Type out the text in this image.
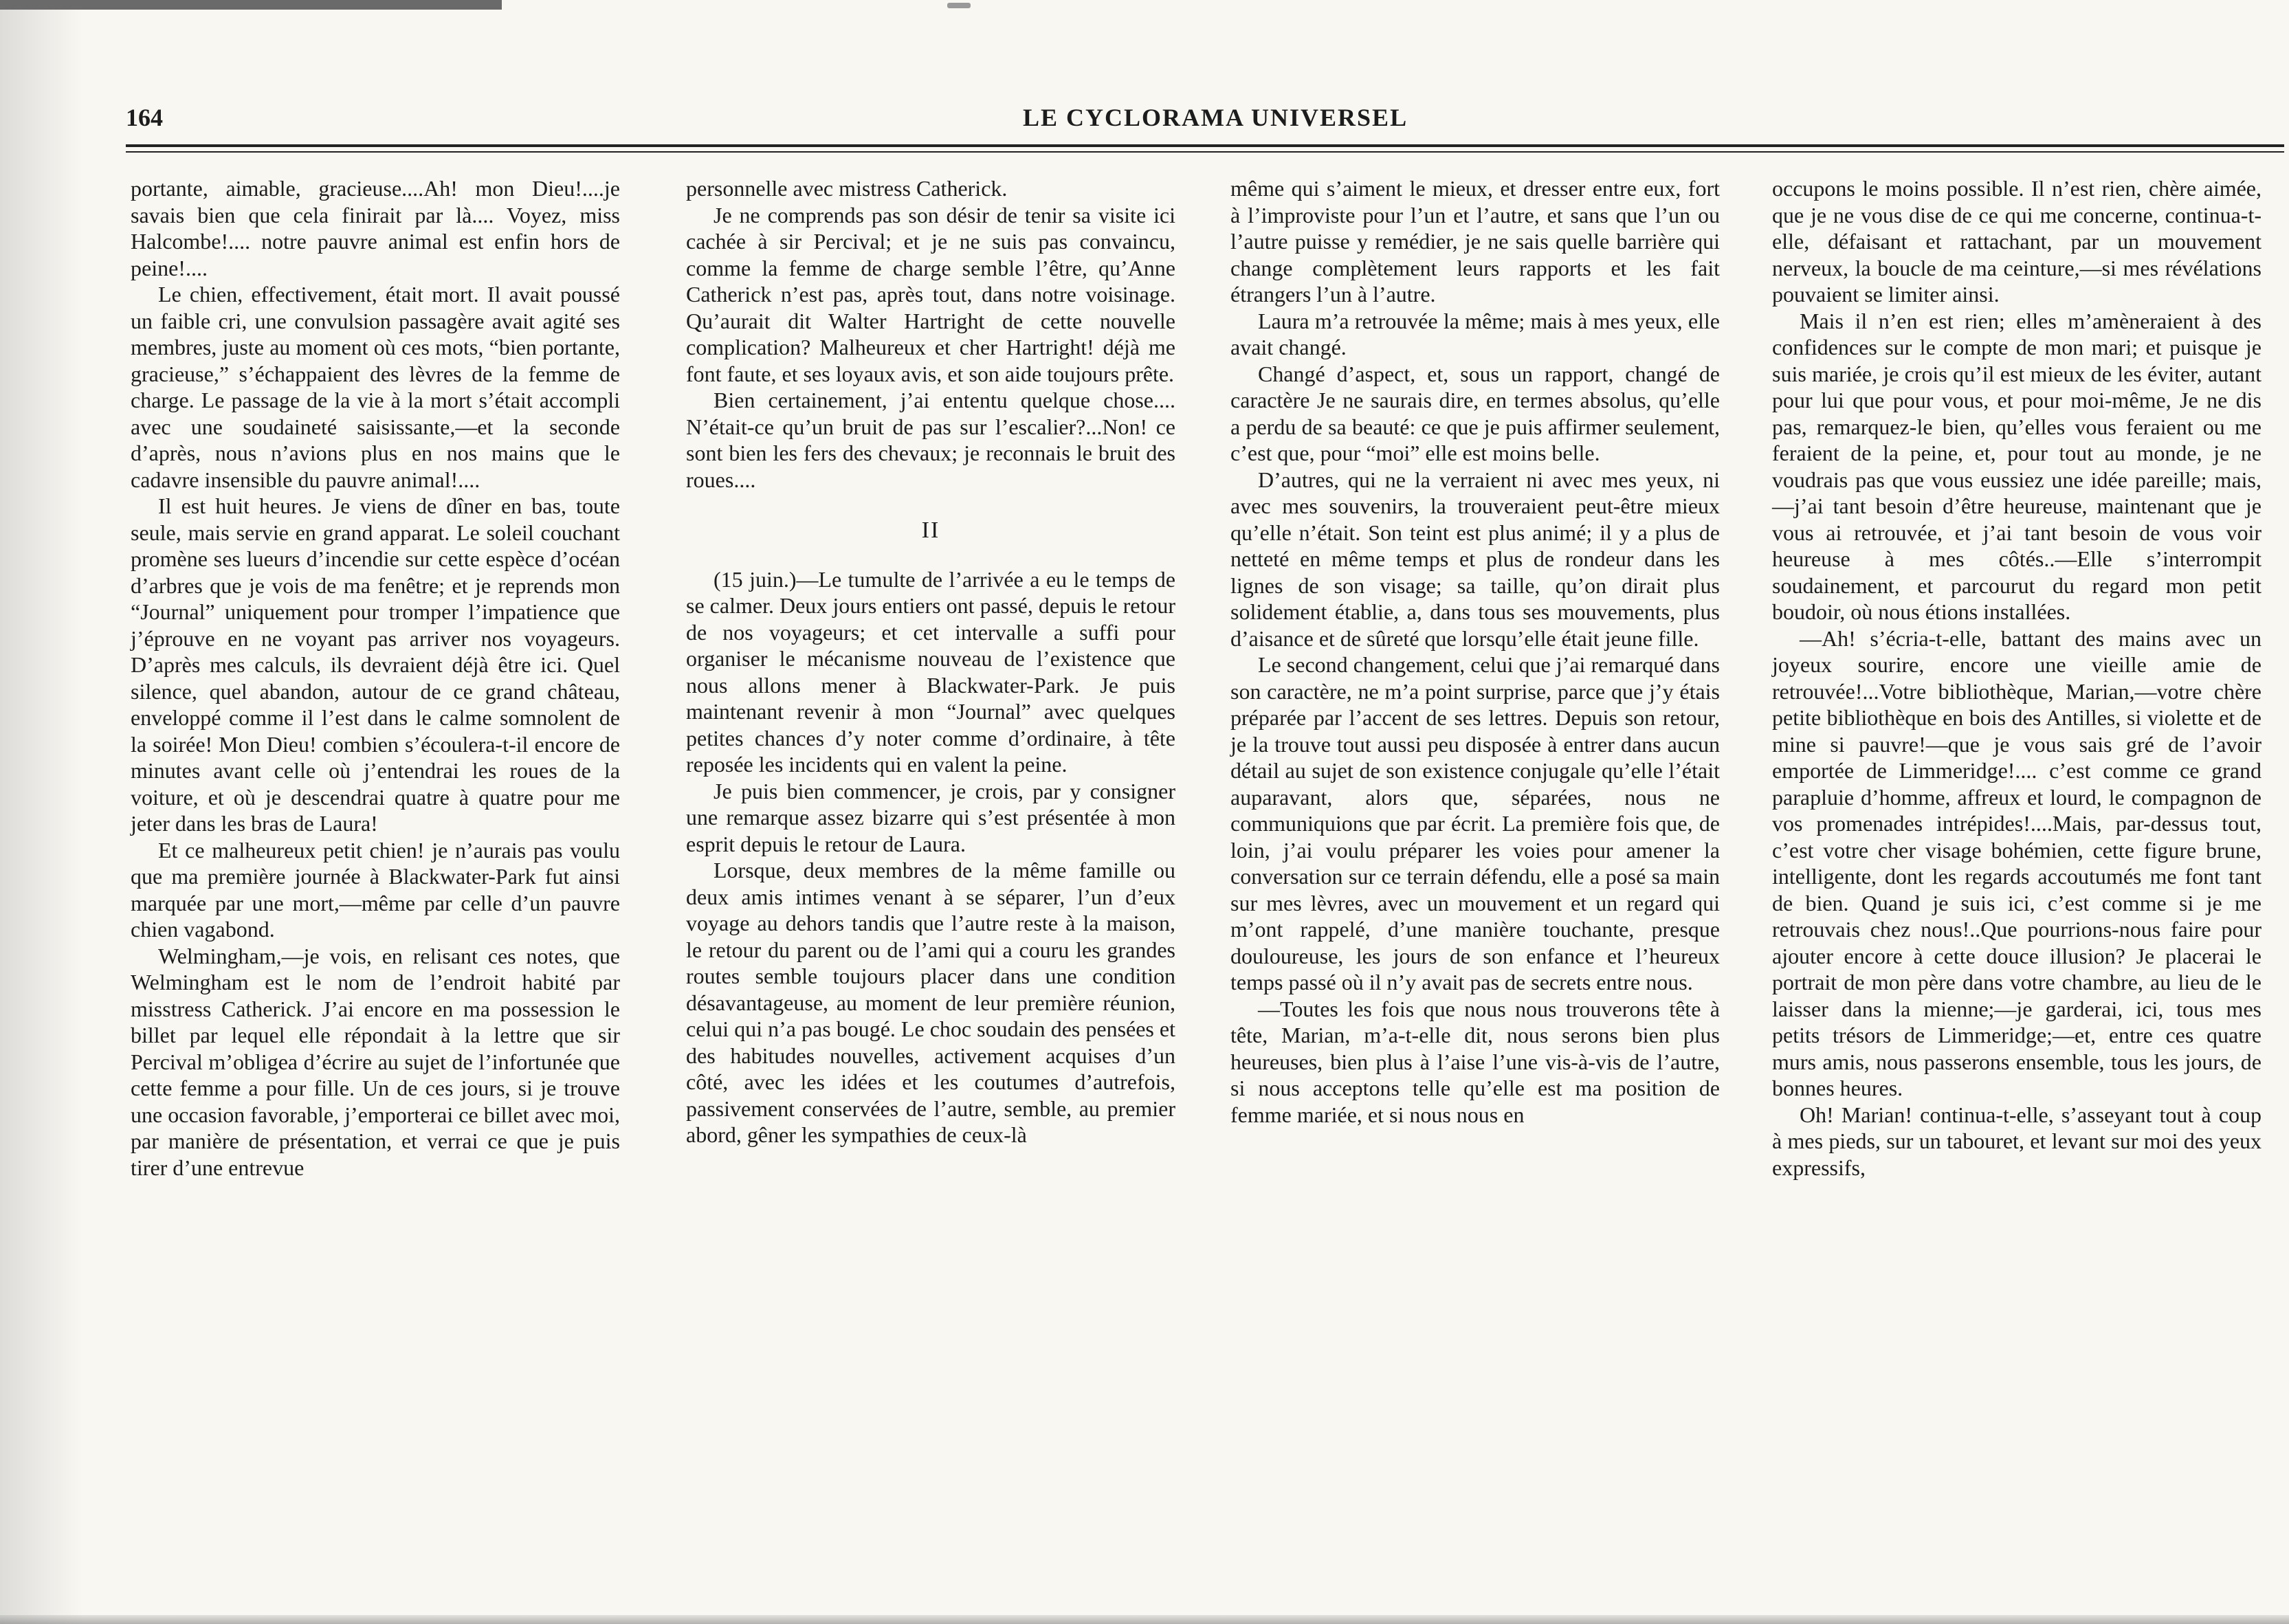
164	LE CYCLORAMA UNIVERSEL

portante, aimable, gracieuse....Ah! mon Dieu!....je savais bien que cela finirait par là.... Voyez, miss Halcombe!.... notre pauvre animal est enfin hors de peine!....

Le chien, effectivement, était mort. Il avait poussé un faible cri, une convulsion passagère avait agité ses membres, juste au moment où ces mots, “bien portante, gracieuse,” s’échappaient des lèvres de la femme de charge. Le passage de la vie à la mort s’était accompli avec une soudaineté saisissante,—et la seconde d’après, nous n’avions plus en nos mains que le cadavre insensible du pauvre animal!....

Il est huit heures. Je viens de dîner en bas, toute seule, mais servie en grand apparat. Le soleil couchant promène ses lueurs d’incendie sur cette espèce d’océan d’arbres que je vois de ma fenêtre; et je reprends mon “Journal” uniquement pour tromper l’impatience que j’éprouve en ne voyant pas arriver nos voyageurs. D’après mes calculs, ils devraient déjà être ici. Quel silence, quel abandon, autour de ce grand château, enveloppé comme il l’est dans le calme somnolent de la soirée! Mon Dieu! combien s’écoulera-t-il encore de minutes avant celle où j’entendrai les roues de la voiture, et où je descendrai quatre à quatre pour me jeter dans les bras de Laura!

Et ce malheureux petit chien! je n’aurais pas voulu que ma première journée à Blackwater-Park fut ainsi marquée par une mort,—même par celle d’un pauvre chien vagabond.

Welmingham,—je vois, en relisant ces notes, que Welmingham est le nom de l’endroit habité par misstress Catherick. J’ai encore en ma possession le billet par lequel elle répondait à la lettre que sir Percival m’obligea d’écrire au sujet de l’infortunée que cette femme a pour fille. Un de ces jours, si je trouve une occasion favorable, j’emporterai ce billet avec moi, par manière de présentation, et verrai ce que je puis tirer d’une entrevue

personnelle avec mistress Catherick.

Je ne comprends pas son désir de tenir sa visite ici cachée à sir Percival; et je ne suis pas convaincu, comme la femme de charge semble l’être, qu’Anne Catherick n’est pas, après tout, dans notre voisinage. Qu’aurait dit Walter Hartright de cette nouvelle complication? Malheureux et cher Hartright! déjà me font faute, et ses loyaux avis, et son aide toujours prête.

Bien certainement, j’ai ententu quelque chose.... N’était-ce qu’un bruit de pas sur l’escalier?...Non! ce sont bien les fers des chevaux; je reconnais le bruit des roues....

II

(15 juin.)—Le tumulte de l’arrivée a eu le temps de se calmer. Deux jours entiers ont passé, depuis le retour de nos voyageurs; et cet intervalle a suffi pour organiser le mécanisme nouveau de l’existence que nous allons mener à Blackwater-Park. Je puis maintenant revenir à mon “Journal” avec quelques petites chances d’y noter comme d’ordinaire, à tête reposée les incidents qui en valent la peine.

Je puis bien commencer, je crois, par y consigner une remarque assez bizarre qui s’est présentée à mon esprit depuis le retour de Laura.

Lorsque, deux membres de la même famille ou deux amis intimes venant à se séparer, l’un d’eux voyage au dehors tandis que l’autre reste à la maison, le retour du parent ou de l’ami qui a couru les grandes routes semble toujours placer dans une condition désavantageuse, au moment de leur première réunion, celui qui n’a pas bougé. Le choc soudain des pensées et des habitudes nouvelles, activement acquises d’un côté, avec les idées et les coutumes d’autrefois, passivement conservées de l’autre, semble, au premier abord, gêner les sympathies de ceux-là

même qui s’aiment le mieux, et dresser entre eux, fort à l’improviste pour l’un et l’autre, et sans que l’un ou l’autre puisse y remédier, je ne sais quelle barrière qui change complètement leurs rapports et les fait étrangers l’un à l’autre.

Laura m’a retrouvée la même; mais à mes yeux, elle avait changé.

Changé d’aspect, et, sous un rapport, changé de caractère Je ne saurais dire, en termes absolus, qu’elle a perdu de sa beauté: ce que je puis affirmer seulement, c’est que, pour “moi” elle est moins belle.

D’autres, qui ne la verraient ni avec mes yeux, ni avec mes souvenirs, la trouveraient peut-être mieux qu’elle n’était. Son teint est plus animé; il y a plus de netteté en même temps et plus de rondeur dans les lignes de son visage; sa taille, qu’on dirait plus solidement établie, a, dans tous ses mouvements, plus d’aisance et de sûreté que lorsqu’elle était jeune fille.

Le second changement, celui que j’ai remarqué dans son caractère, ne m’a point surprise, parce que j’y étais préparée par l’accent de ses lettres. Depuis son retour, je la trouve tout aussi peu disposée à entrer dans aucun détail au sujet de son existence conjugale qu’elle l’était auparavant, alors que, séparées, nous ne communiquions que par écrit. La première fois que, de loin, j’ai voulu préparer les voies pour amener la conversation sur ce terrain défendu, elle a posé sa main sur mes lèvres, avec un mouvement et un regard qui m’ont rappelé, d’une manière touchante, presque douloureuse, les jours de son enfance et l’heureux temps passé où il n’y avait pas de secrets entre nous.

—Toutes les fois que nous nous trouverons tête à tête, Marian, m’a-t-elle dit, nous serons bien plus heureuses, bien plus à l’aise l’une vis-à-vis de l’autre, si nous acceptons telle qu’elle est ma position de femme mariée, et si nous nous en

occupons le moins possible. Il n’est rien, chère aimée, que je ne vous dise de ce qui me concerne, continua-t-elle, défaisant et rattachant, par un mouvement nerveux, la boucle de ma ceinture,—si mes révélations pouvaient se limiter ainsi.

Mais il n’en est rien; elles m’amèneraient à des confidences sur le compte de mon mari; et puisque je suis mariée, je crois qu’il est mieux de les éviter, autant pour lui que pour vous, et pour moi-même, Je ne dis pas, remarquez-le bien, qu’elles vous feraient ou me feraient de la peine, et, pour tout au monde, je ne voudrais pas que vous eussiez une idée pareille; mais,—j’ai tant besoin d’être heureuse, maintenant que je vous ai retrouvée, et j’ai tant besoin de vous voir heureuse à mes côtés..—Elle s’interrompit soudainement, et parcourut du regard mon petit boudoir, où nous étions installées.

—Ah! s’écria-t-elle, battant des mains avec un joyeux sourire, encore une vieille amie de retrouvée!...Votre bibliothèque, Marian,—votre chère petite bibliothèque en bois des Antilles, si violette et de mine si pauvre!—que je vous sais gré de l’avoir emportée de Limmeridge!.... c’est comme ce grand parapluie d’homme, affreux et lourd, le compagnon de vos promenades intrépides!....Mais, par-dessus tout, c’est votre cher visage bohémien, cette figure brune, intelligente, dont les regards accoutumés me font tant de bien. Quand je suis ici, c’est comme si je me retrouvais chez nous!..Que pourrions-nous faire pour ajouter encore à cette douce illusion? Je placerai le portrait de mon père dans votre chambre, au lieu de le laisser dans la mienne;—je garderai, ici, tous mes petits trésors de Limmeridge;—et, entre ces quatre murs amis, nous passerons ensemble, tous les jours, de bonnes heures.

Oh! Marian! continua-t-elle, s’asseyant tout à coup à mes pieds, sur un tabouret, et levant sur moi des yeux expressifs,
